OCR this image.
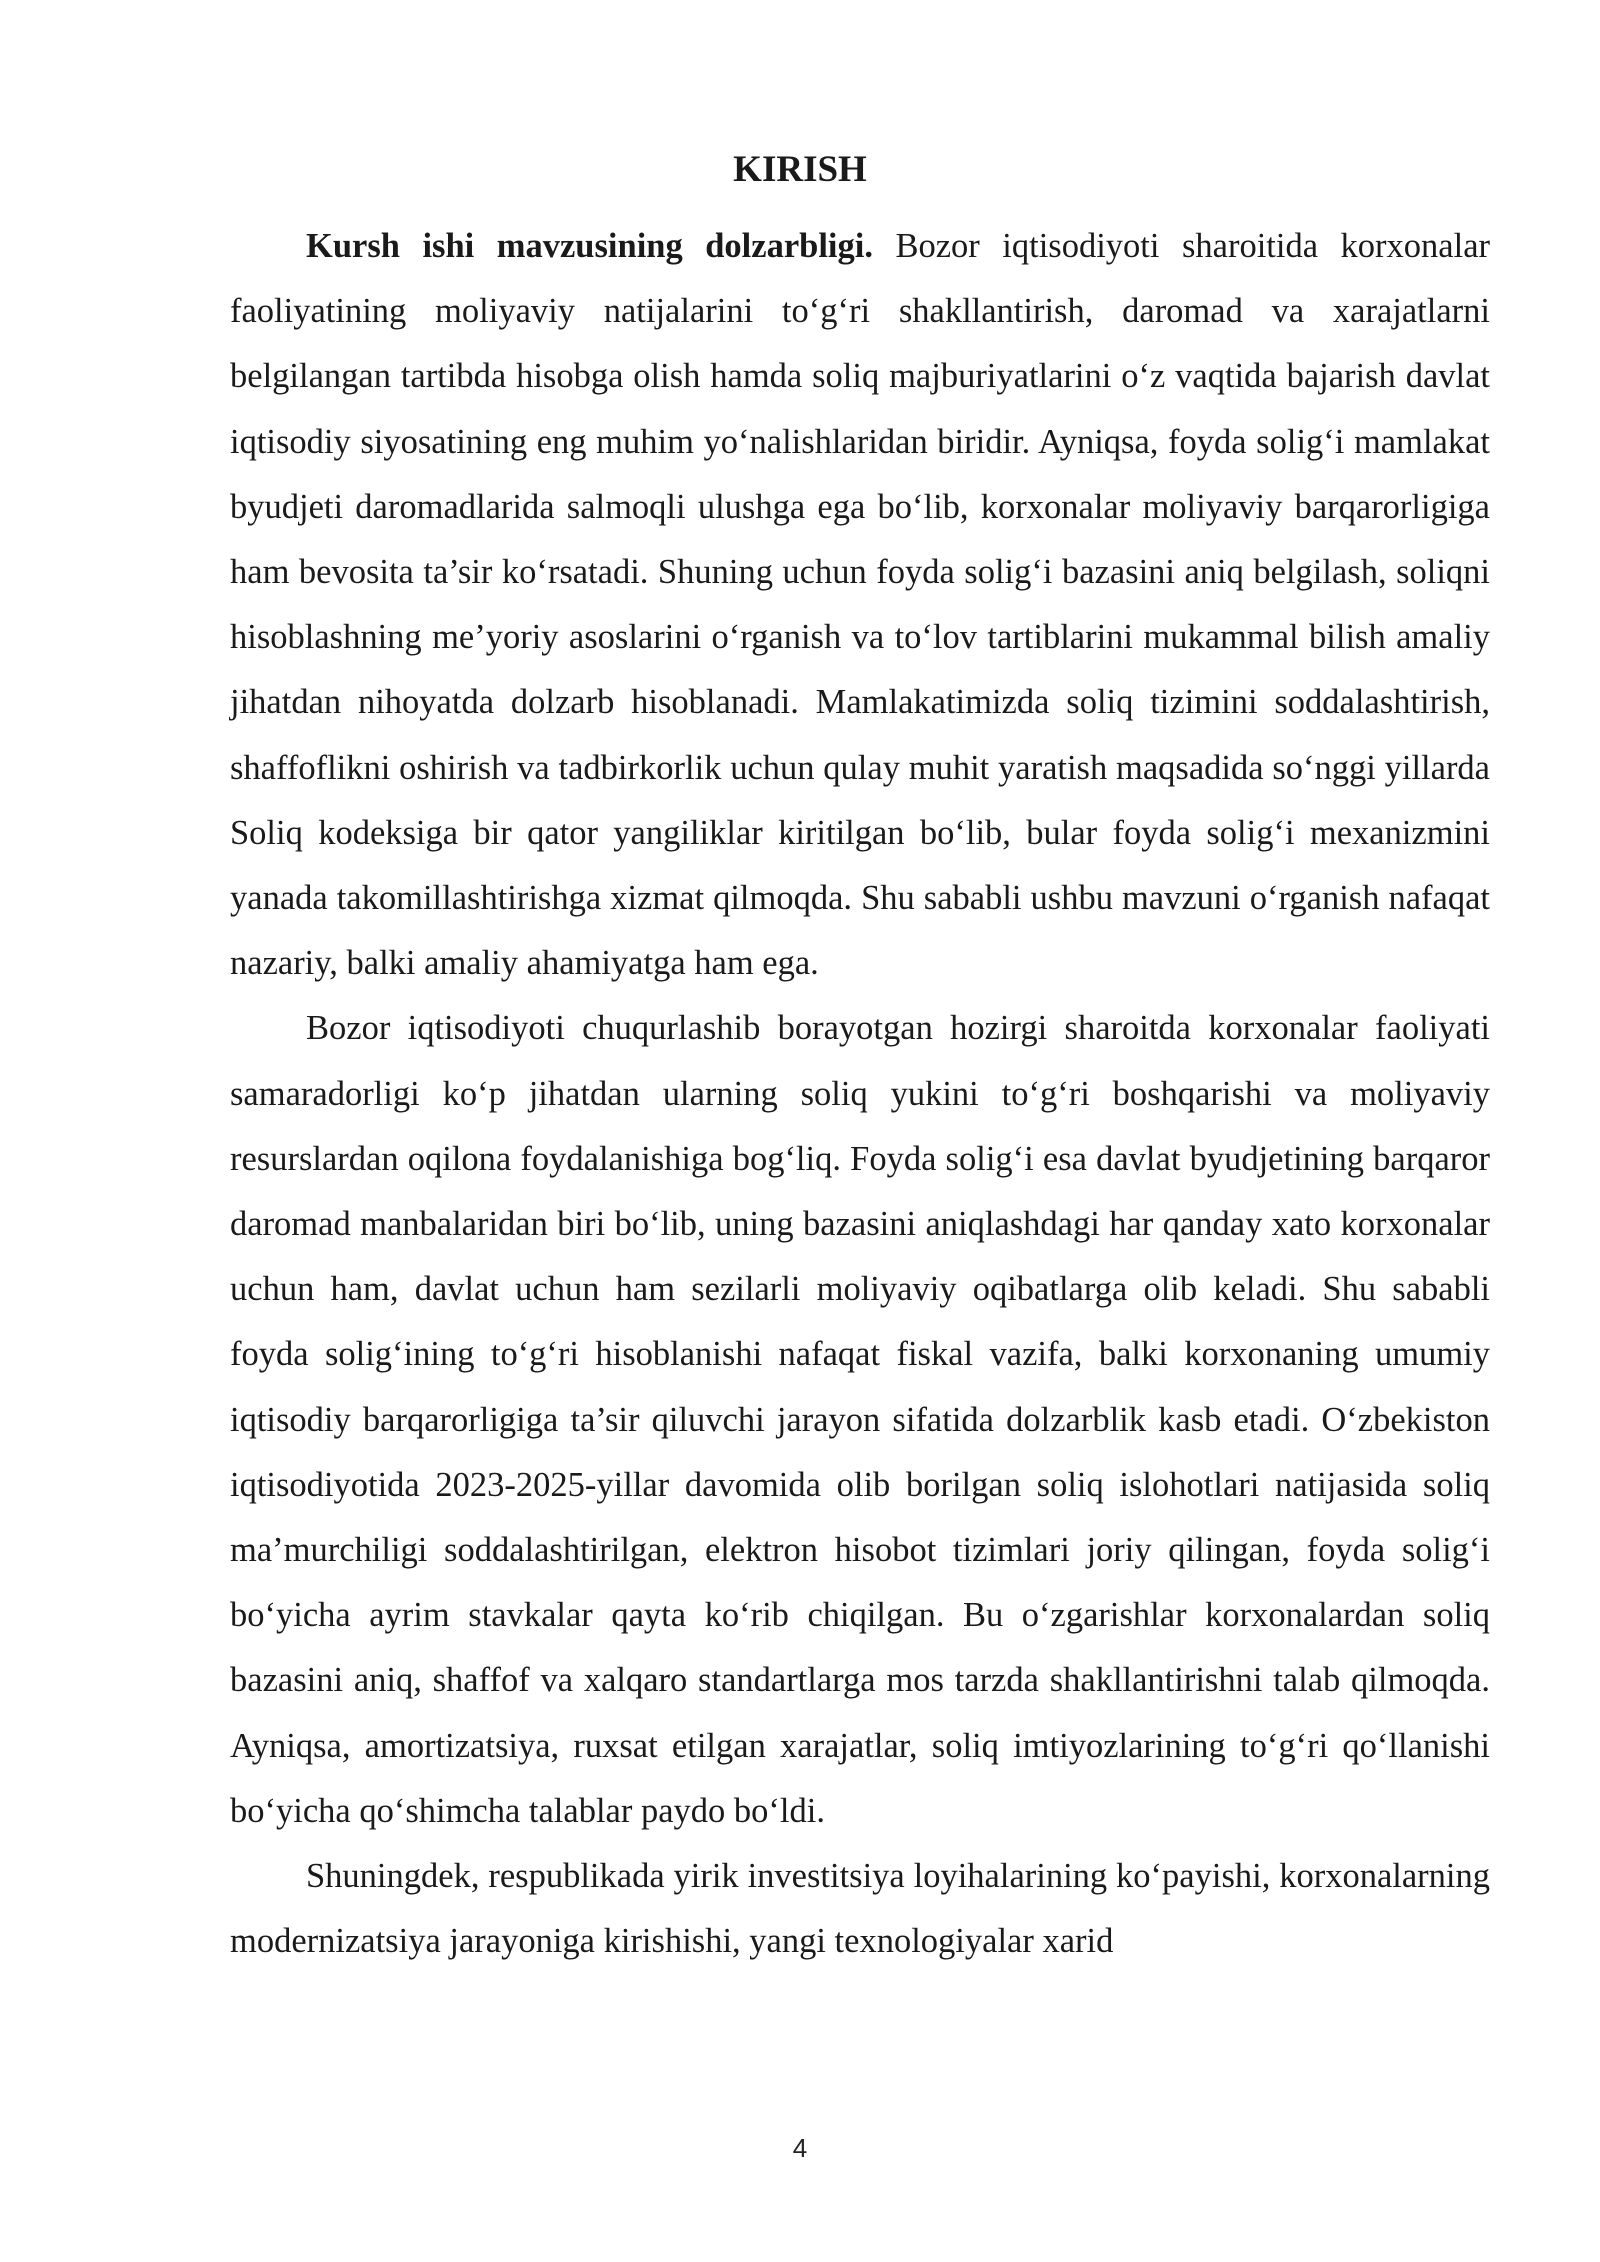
KIRISH

Kursh ishi mavzusining dolzarbligi. Bozor iqtisodiyoti sharoitida korxonalar faoliyatining moliyaviy natijalarini to‘g‘ri shakllantirish, daromad va xarajatlarni belgilangan tartibda hisobga olish hamda soliq majburiyatlarini o‘z vaqtida bajarish davlat iqtisodiy siyosatining eng muhim yo‘nalishlaridan biridir. Ayniqsa, foyda solig‘i mamlakat byudjeti daromadlarida salmoqli ulushga ega bo‘lib, korxonalar moliyaviy barqarorligiga ham bevosita ta’sir ko‘rsatadi. Shuning uchun foyda solig‘i bazasini aniq belgilash, soliqni hisoblashning me’yoriy asoslarini o‘rganish va to‘lov tartiblarini mukammal bilish amaliy jihatdan nihoyatda dolzarb hisoblanadi. Mamlakatimizda soliq tizimini soddalashtirish, shaffoflikni oshirish va tadbirkorlik uchun qulay muhit yaratish maqsadida so‘nggi yillarda Soliq kodeksiga bir qator yangiliklar kiritilgan bo‘lib, bular foyda solig‘i mexanizmini yanada takomillashtirishga xizmat qilmoqda. Shu sababli ushbu mavzuni o‘rganish nafaqat nazariy, balki amaliy ahamiyatga ham ega.

Bozor iqtisodiyoti chuqurlashib borayotgan hozirgi sharoitda korxonalar faoliyati samaradorligi ko‘p jihatdan ularning soliq yukini to‘g‘ri boshqarishi va moliyaviy resurslardan oqilona foydalanishiga bog‘liq. Foyda solig‘i esa davlat byudjetining barqaror daromad manbalaridan biri bo‘lib, uning bazasini aniqlashdagi har qanday xato korxonalar uchun ham, davlat uchun ham sezilarli moliyaviy oqibatlarga olib keladi. Shu sababli foyda solig‘ining to‘g‘ri hisoblanishi nafaqat fiskal vazifa, balki korxonaning umumiy iqtisodiy barqarorligiga ta’sir qiluvchi jarayon sifatida dolzarblik kasb etadi. O‘zbekiston iqtisodiyotida 2023-2025-yillar davomida olib borilgan soliq islohotlari natijasida soliq ma’murchiligi soddalashtirilgan, elektron hisobot tizimlari joriy qilingan, foyda solig‘i bo‘yicha ayrim stavkalar qayta ko‘rib chiqilgan. Bu o‘zgarishlar korxonalardan soliq bazasini aniq, shaffof va xalqaro standartlarga mos tarzda shakllantirishni talab qilmoqda. Ayniqsa, amortizatsiya, ruxsat etilgan xarajatlar, soliq imtiyozlarining to‘g‘ri qo‘llanishi bo‘yicha qo‘shimcha talablar paydo bo‘ldi.

Shuningdek, respublikada yirik investitsiya loyihalarining ko‘payishi, korxonalarning modernizatsiya jarayoniga kirishishi, yangi texnologiyalar xarid

4
